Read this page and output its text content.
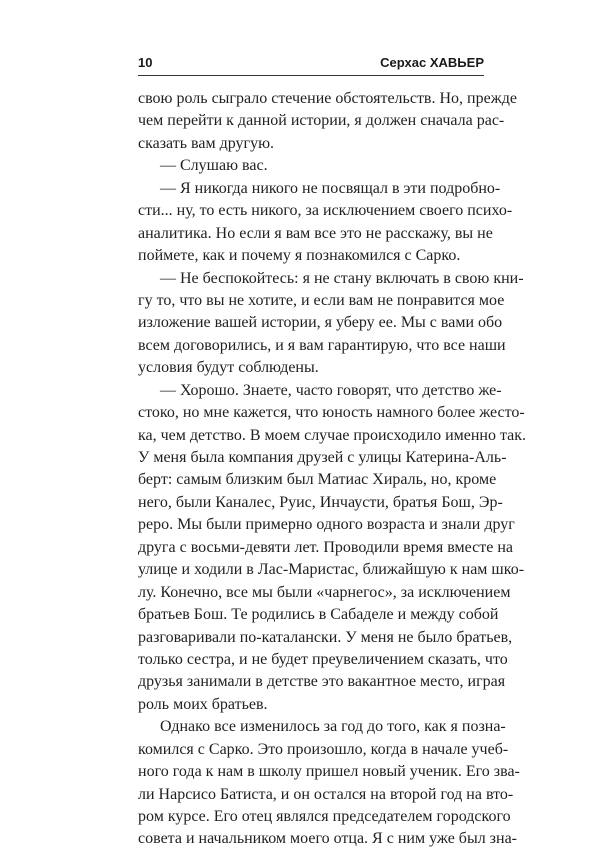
10	Серхас ХАВЬЕР
свою роль сыграло стечение обстоятельств. Но, прежде
чем перейти к данной истории, я должен сначала рас-
сказать вам другую.
— Слушаю вас.
— Я никогда никого не посвящал в эти подробно-
сти... ну, то есть никого, за исключением своего психо-
аналитика. Но если я вам все это не расскажу, вы не
поймете, как и почему я познакомился с Сарко.
— Не беспокойтесь: я не стану включать в свою кни-
гу то, что вы не хотите, и если вам не понравится мое
изложение вашей истории, я уберу ее. Мы с вами обо
всем договорились, и я вам гарантирую, что все наши
условия будут соблюдены.
— Хорошо. Знаете, часто говорят, что детство же-
стоко, но мне кажется, что юность намного более жесто-
ка, чем детство. В моем случае происходило именно так.
У меня была компания друзей с улицы Катерина-Аль-
берт: самым близким был Матиас Хираль, но, кроме
него, были Каналес, Руис, Инчаусти, братья Бош, Эр-
реро. Мы были примерно одного возраста и знали друг
друга с восьми-девяти лет. Проводили время вместе на
улице и ходили в Лас-Маристас, ближайшую к нам шко-
лу. Конечно, все мы были «чарнегос», за исключением
братьев Бош. Те родились в Сабаделе и между собой
разговаривали по-каталански. У меня не было братьев,
только сестра, и не будет преувеличением сказать, что
друзья занимали в детстве это вакантное место, играя
роль моих братьев.
Однако все изменилось за год до того, как я позна-
комился с Сарко. Это произошло, когда в начале учеб-
ного года к нам в школу пришел новый ученик. Его зва-
ли Нарсисо Батиста, и он остался на второй год на вто-
ром курсе. Его отец являлся председателем городского
совета и начальником моего отца. Я с ним уже был зна-
